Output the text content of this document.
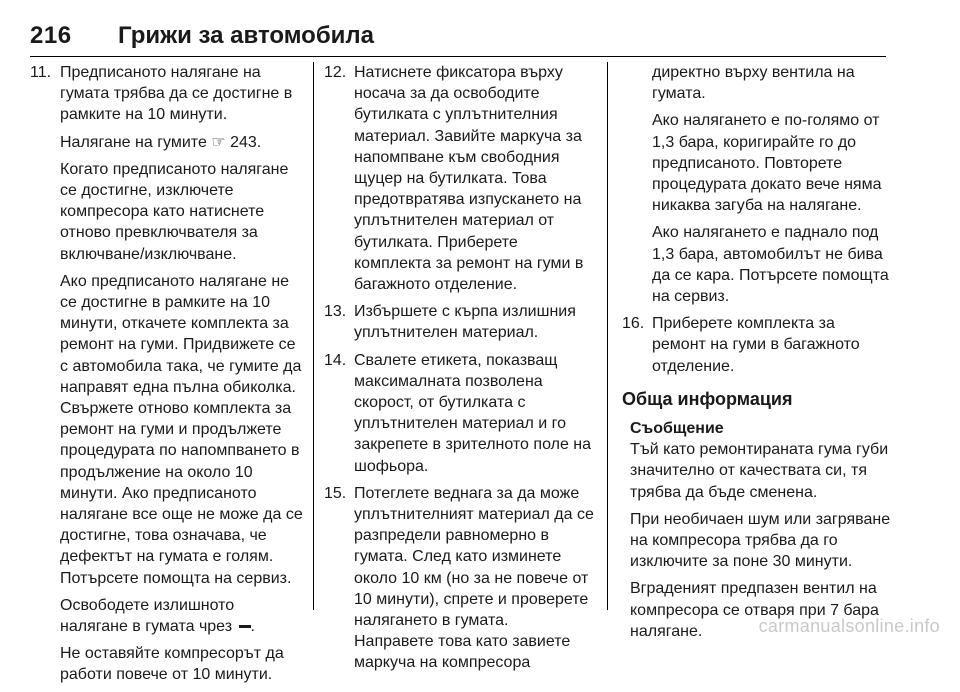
216 Грижи за автомобила
11. Предписаното налягане на гумата трябва да се достигне в рамките на 10 минути.
Налягане на гумите ☞ 243.
Когато предписаното налягане се достигне, изключете компресора като натиснете отново превключвателя за включване/изключване.
Ако предписаното налягане не се достигне в рамките на 10 минути, откачете комплекта за ремонт на гуми. Придвижете се с автомобила така, че гумите да направят една пълна обиколка. Свържете отново комплекта за ремонт на гуми и продължете процедурата по напомпването в продължение на около 10 минути. Ако предписаното налягане все още не може да се достигне, това означава, че дефектът на гумата е голям. Потърсете помощта на сервиз.
Освободете излишното налягане в гумата чрез .
Не оставяйте компресорът да работи повече от 10 минути.
12. Натиснете фиксатора върху носача за да освободите бутилката с уплътнителния материал. Завийте маркуча за напомпване към свободния щуцер на бутилката. Това предотвратява изпускането на уплътнителен материал от бутилката. Приберете комплекта за ремонт на гуми в багажното отделение.
13. Избършете с кърпа излишния уплътнителен материал.
14. Свалете етикета, показващ максималната позволена скорост, от бутилката с уплътнителен материал и го закрепете в зрителното поле на шофьора.
15. Потеглете веднага за да може уплътнителният материал да се разпредели равномерно в гумата. След като изминете около 10 км (но за не повече от 10 минути), спрете и проверете налягането в гумата.
Направете това като завиете маркуча на компресора
директно върху вентила на гумата.
Ако налягането е по-голямо от 1,3 бара, коригирайте го до предписаното. Повторете процедурата докато вече няма никаква загуба на налягане.
Ако налягането е паднало под 1,3 бара, автомобилът не бива да се кара. Потърсете помощта на сервиз.
16. Приберете комплекта за ремонт на гуми в багажното отделение.
Обща информация
Съобщение
Тъй като ремонтираната гума губи значително от качествата си, тя трябва да бъде сменена.
При необичаен шум или загряване на компресора трябва да го изключите за поне 30 минути.
Вграденият предпазен вентил на компресора се отваря при 7 бара налягане.	carmanualsonline.info
